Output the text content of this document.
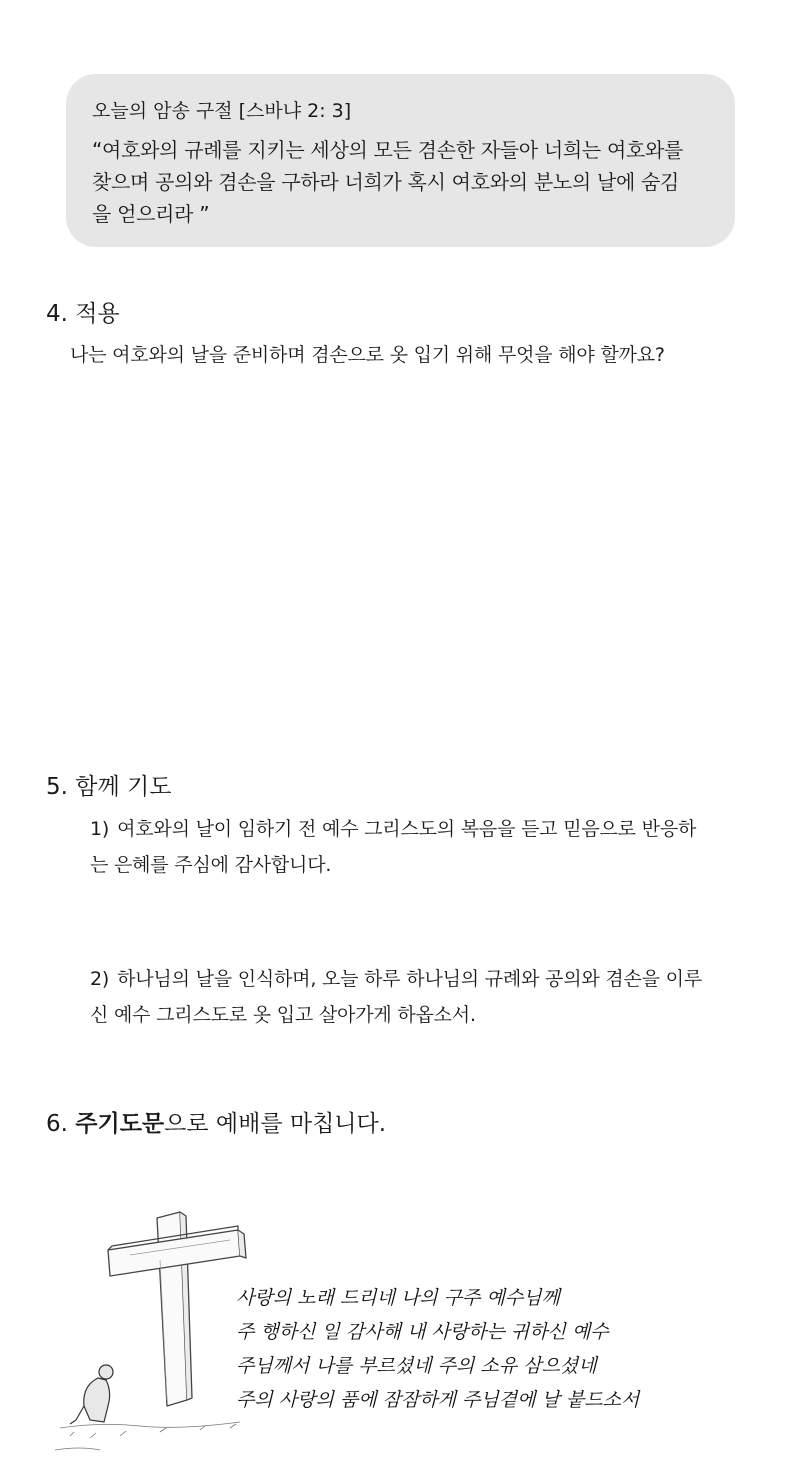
오늘의 암송 구절 [스바냐 2: 3]

“여호와의 규례를 지키는 세상의 모든 겸손한 자들아 너희는 여호와를
찾으며 공의와 겸손을 구하라 너희가 혹시 여호와의 분노의 날에 숨김
을 얻으리라 ”

4. 적용

나는 여호와의 날을 준비하며 겸손으로 옷 입기 위해 무엇을 해야 할까요?

5. 함께 기도

1) 여호와의 날이 임하기 전 예수 그리스도의 복음을 듣고 믿음으로 반응하
는 은혜를 주심에 감사합니다.

2) 하나님의 날을 인식하며, 오늘 하루 하나님의 규례와 공의와 겸손을 이루
신 예수 그리스도로 옷 입고 살아가게 하옵소서.

6. 주기도문으로 예배를 마칩니다.
사랑의 노래 드리네 나의 구주 예수님께
주 행하신 일 감사해 내 사랑하는 귀하신 예수
주님께서 나를 부르셨네 주의 소유 삼으셨네
주의 사랑의 품에 잠잠하게 주님곁에 날 붙드소서
